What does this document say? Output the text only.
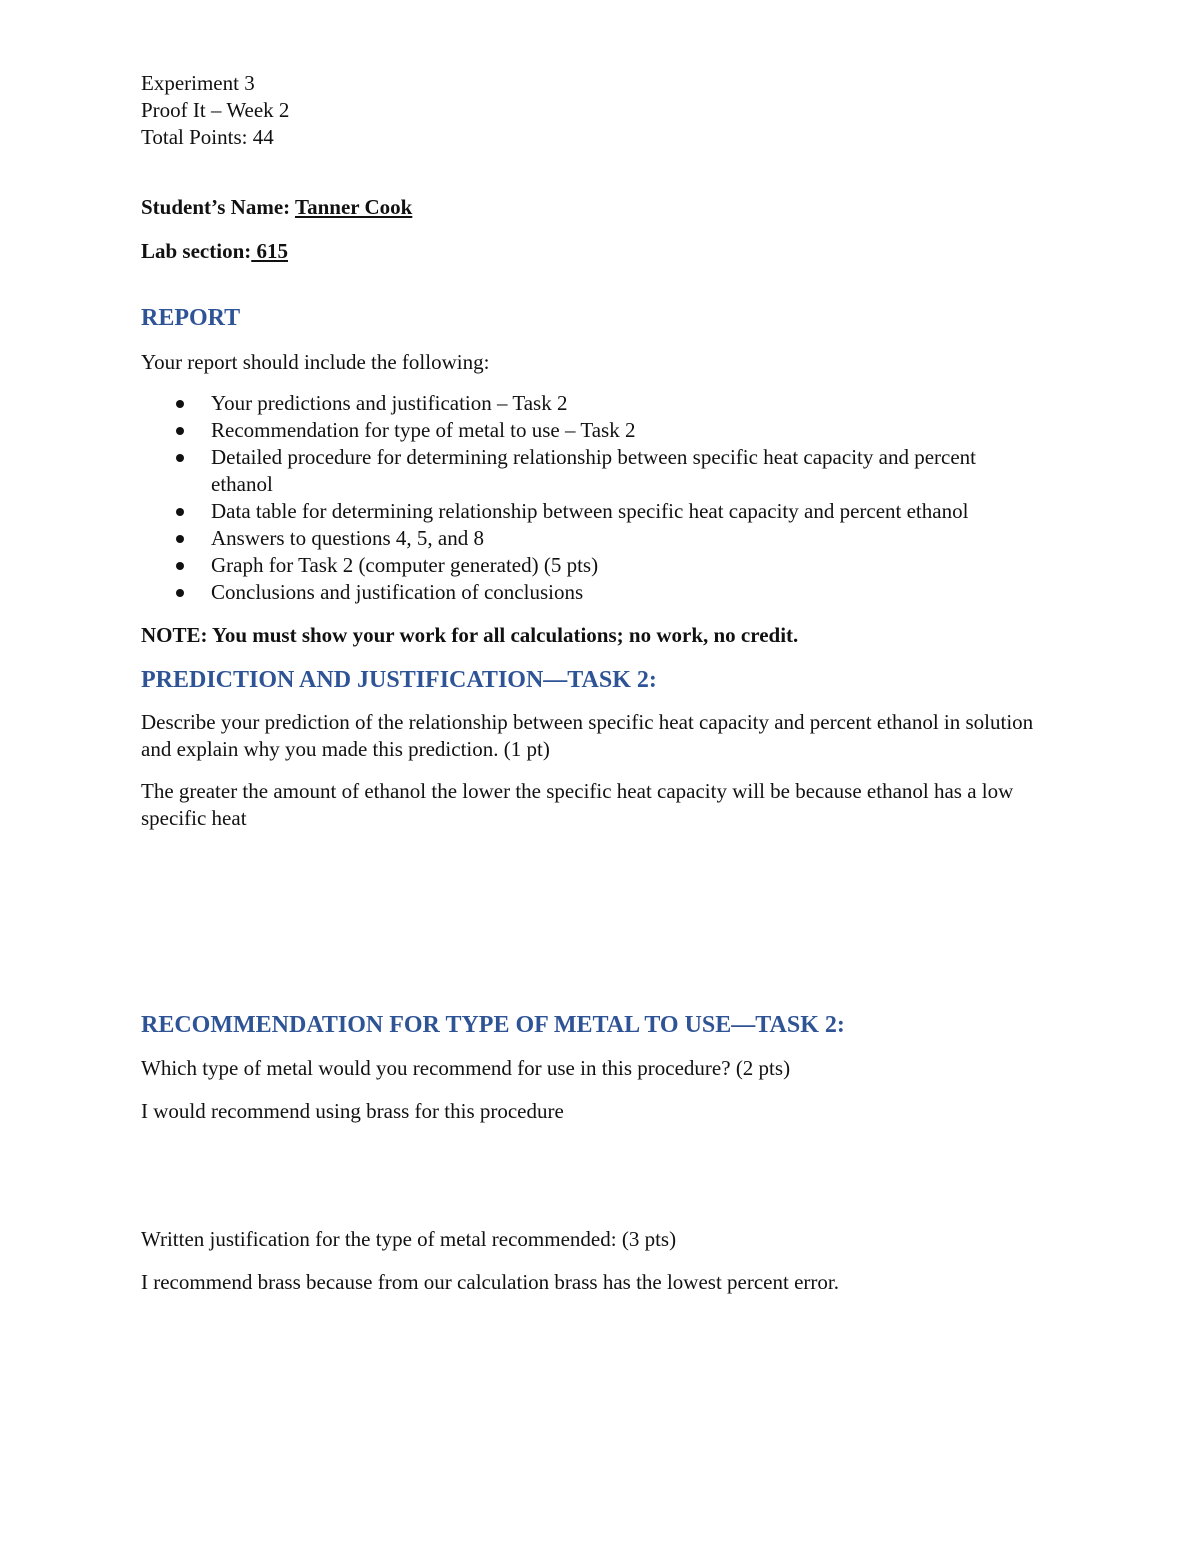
Experiment 3

Proof It – Week 2

Total Points: 44

Student’s Name: Tanner Cook

Lab section: 615

REPORT

Your report should include the following:

Your predictions and justification – Task 2
Recommendation for type of metal to use – Task 2
Detailed procedure for determining relationship between specific heat capacity and percent ethanol
Data table for determining relationship between specific heat capacity and percent ethanol
Answers to questions 4, 5, and 8
Graph for Task 2 (computer generated) (5 pts)
Conclusions and justification of conclusions

NOTE: You must show your work for all calculations; no work, no credit.

PREDICTION AND JUSTIFICATION—TASK 2:

Describe your prediction of the relationship between specific heat capacity and percent ethanol in solution and explain why you made this prediction. (1 pt)

The greater the amount of ethanol the lower the specific heat capacity will be because ethanol has a low specific heat

RECOMMENDATION FOR TYPE OF METAL TO USE—TASK 2:

Which type of metal would you recommend for use in this procedure? (2 pts)

I would recommend using brass for this procedure

Written justification for the type of metal recommended: (3 pts)

I recommend brass because from our calculation brass has the lowest percent error.
